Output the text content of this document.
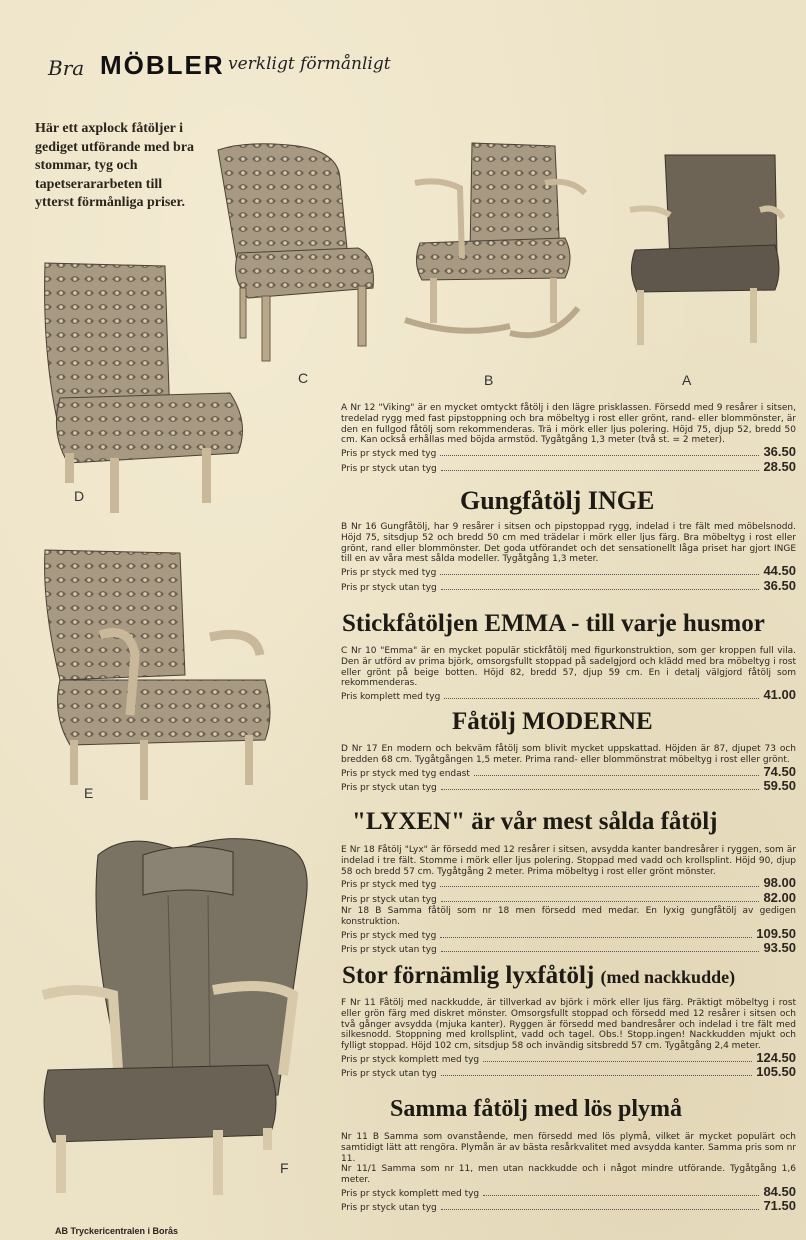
Bra MÖBLER verkligt förmånligt
Här ett axplock fåtöljer i gediget utförande med bra stommar, tyg och tapetserararbeten till ytterst förmånliga priser.
C	B	A
D
E
F
A Nr 12 "Viking" är en mycket omtyckt fåtölj i den lägre prisklassen. Försedd med 9 resårer i sitsen, tredelad rygg med fast pipstoppning och bra möbeltyg i rost eller grönt, rand- eller blommönster, är den en fullgod fåtölj som rekommenderas. Trä i mörk eller ljus polering. Höjd 75, djup 52, bredd 50 cm. Kan också erhållas med böjda armstöd. Tygåtgång 1,3 meter (två st. = 2 meter).
Pris pr styck med tyg	36.50
Pris pr styck utan tyg	28.50
Gungfåtölj INGE
B Nr 16 Gungfåtölj, har 9 resårer i sitsen och pipstoppad rygg, indelad i tre fält med möbelsnodd. Höjd 75, sitsdjup 52 och bredd 50 cm med trädelar i mörk eller ljus färg. Bra möbeltyg i rost eller grönt, rand eller blommönster. Det goda utförandet och det sensationellt låga priset har gjort INGE till en av våra mest sålda modeller. Tygåtgång 1,3 meter.
Pris pr styck med tyg	44.50
Pris pr styck utan tyg	36.50
Stickfåtöljen EMMA - till varje husmor
C Nr 10 "Emma" är en mycket populär stickfåtölj med figurkonstruktion, som ger kroppen full vila. Den är utförd av prima björk, omsorgsfullt stoppad på sadelgjord och klädd med bra möbeltyg i rost eller grönt på beige botten. Höjd 82, bredd 57, djup 59 cm. En i detalj välgjord fåtölj som rekommenderas.
Pris komplett med tyg	41.00
Fåtölj MODERNE
D Nr 17 En modern och bekväm fåtölj som blivit mycket uppskattad. Höjden är 87, djupet 73 och bredden 68 cm. Tygåtgången 1,5 meter. Prima rand- eller blommönstrat möbeltyg i rost eller grönt.
Pris pr styck med tyg endast	74.50
Pris pr styck utan tyg	59.50
"LYXEN" är vår mest sålda fåtölj
E Nr 18 Fåtölj "Lyx" är försedd med 12 resårer i sitsen, avsydda kanter bandresårer i ryggen, som är indelad i tre fält. Stomme i mörk eller ljus polering. Stoppad med vadd och krollsplint. Höjd 90, djup 58 och bredd 57 cm. Tygåtgång 2 meter. Prima möbeltyg i rost eller grönt mönster.
Pris pr styck med tyg	98.00
Pris pr styck utan tyg	82.00
Nr 18 B Samma fåtölj som nr 18 men försedd med medar. En lyxig gungfåtölj av gedigen konstruktion.
Pris pr styck med tyg	109.50
Pris pr styck utan tyg	93.50
Stor förnämlig lyxfåtölj (med nackkudde)
F Nr 11 Fåtölj med nackkudde, är tillverkad av björk i mörk eller ljus färg. Präktigt möbeltyg i rost eller grön färg med diskret mönster. Omsorgsfullt stoppad och försedd med 12 resårer i sitsen och två gånger avsydda (mjuka kanter). Ryggen är försedd med bandresårer och indelad i tre fält med silkesnodd. Stoppning med krollsplint, vadd och tagel. Obs.! Stopp.ingen! Nackkudden mjukt och fylligt stoppad. Höjd 102 cm, sitsdjup 58 och invändig sitsbredd 57 cm. Tygåtgång 2,4 meter.
Pris pr styck komplett med tyg	124.50
Pris pr styck utan tyg	105.50
Samma fåtölj med lös plymå
Nr 11 B Samma som ovanstående, men försedd med lös plymå, vilket är mycket populärt och samtidigt lätt att rengöra. Plymån är av bästa resårkvalitet med avsydda kanter. Samma pris som nr 11.
Nr 11/1 Samma som nr 11, men utan nackkudde och i något mindre utförande. Tygåtgång 1,6 meter.
Pris pr styck komplett med tyg	84.50
Pris pr styck utan tyg	71.50
AB Tryckericentralen i Borås
